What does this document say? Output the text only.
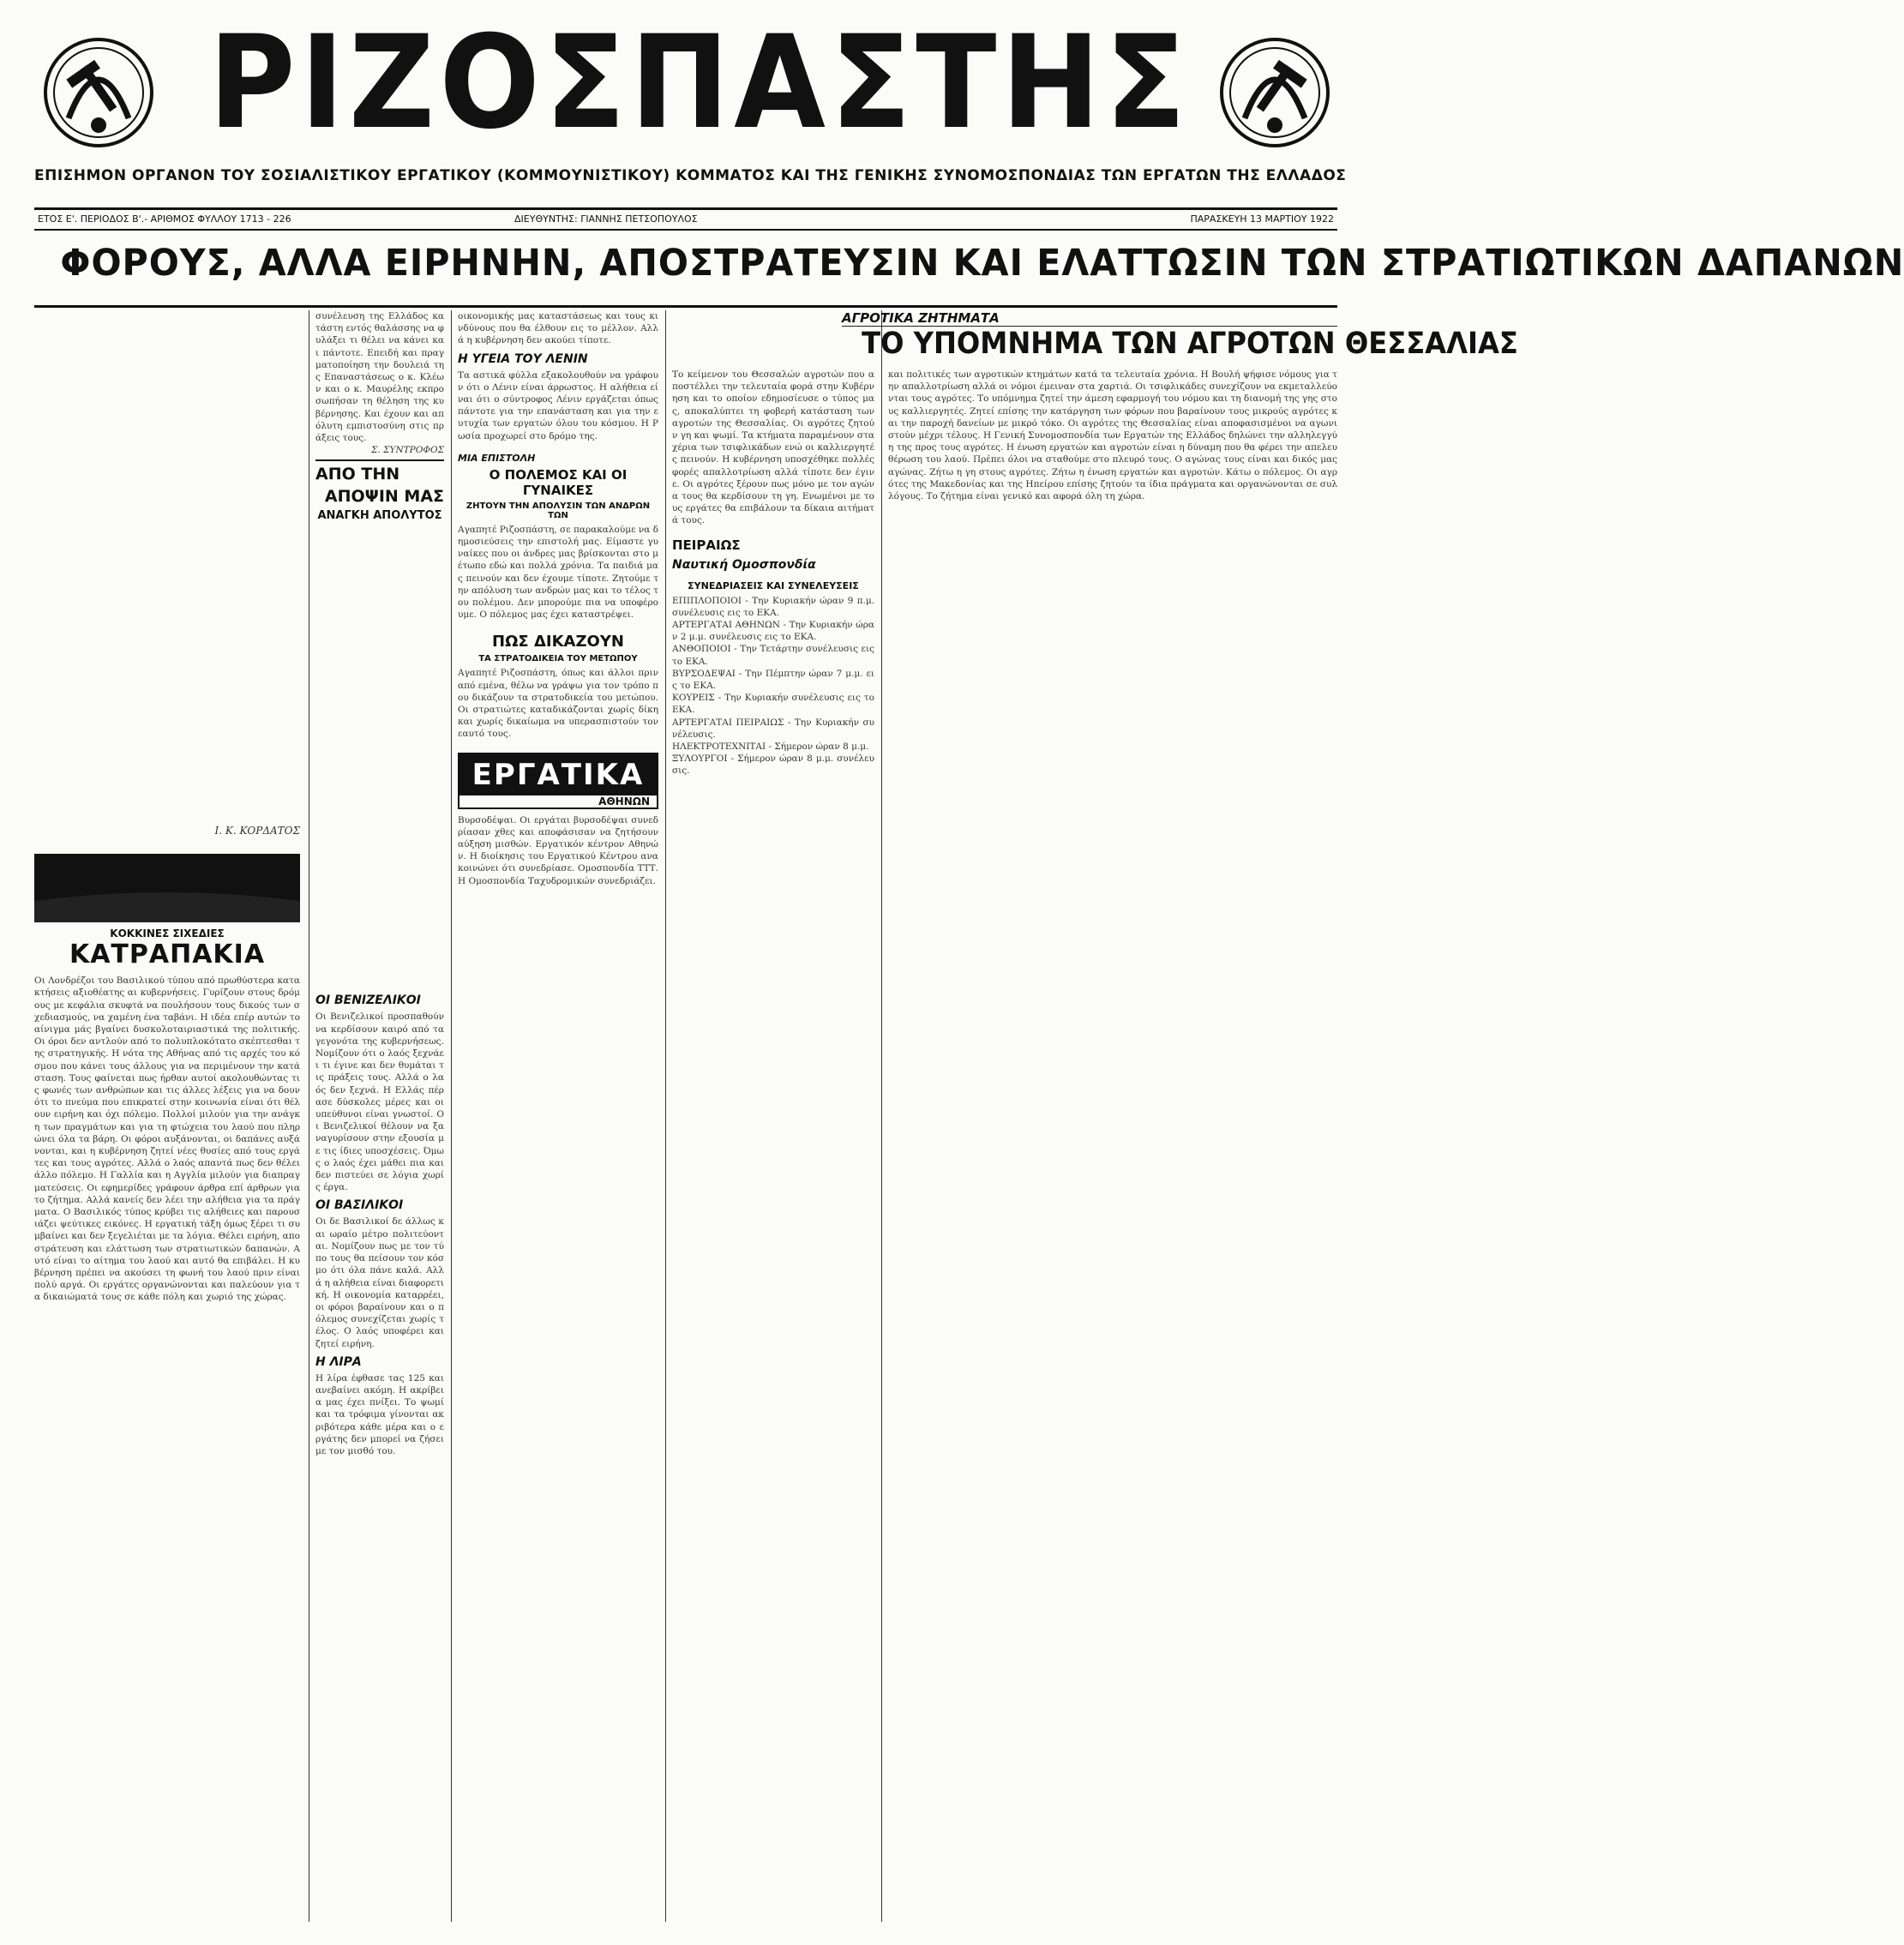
ΡΙΖΟΣΠΑΣΤΗΣ
ΕΠΙΣΗΜΟΝ ΟΡΓΑΝΟΝ ΤΟΥ ΣΟΣΙΑΛΙΣΤΙΚΟΥ ΕΡΓΑΤΙΚΟΥ (ΚΟΜΜΟΥΝΙΣΤΙΚΟΥ) ΚΟΜΜΑΤΟΣ ΚΑΙ ΤΗΣ ΓΕΝΙΚΗΣ ΣΥΝΟΜΟΣΠΟΝΔΙΑΣ ΤΩΝ ΕΡΓΑΤΩΝ ΤΗΣ ΕΛΛΑΔΟΣ
ΕΤΟΣ Ε'. ΠΕΡΙΟΔΟΣ Β'.- ΑΡΙΘΜΟΣ ΦΥΛΛΟΥ 1713 - 226	ΔΙΕΥΘΥΝΤΗΣ: ΓΙΑΝΝΗΣ ΠΕΤΣΟΠΟΥΛΟΣ	ΠΑΡΑΣΚΕΥΗ 13 ΜΑΡΤΙΟΥ 1922
ΦΟΡΟΥΣ, ΑΛΛΑ ΕΙΡΗΝΗΝ, ΑΠΟΣΤΡΑΤΕΥΣΙΝ ΚΑΙ ΕΛΑΤΤΩΣΙΝ ΤΩΝ ΣΤΡΑΤΙΩΤΙΚΩΝ ΔΑΠΑΝΩΝ
Ι. Κ. ΚΟΡΔΑΤΟΣ
ΚΟΚΚΙΝΕΣ ΣΙΧΕΔΙΕΣ
ΚΑΤΡΑΠΑΚΙΑ
Οι Λονδρέζοι του Βασιλικού τύπου από πρωθύστερα κατακτήσεις αξιοθέατης αι κυβερνήσεις. Γυρίζουν στους δρόμους με κεφάλια σκυφτά να πουλήσουν τους δικούς των σχεδιασμούς, να χαμένη ένα ταβάνι. Η ιδέα επέρ αυτών το αίνιγμα μάς βγαίνει δυσκολοταιριαστικά της πολιτικής. Οι όροι δεν αντλούν από το πολυπλοκότατο σκέπτεσθαι της στρατηγικής. Η νότα της Αθήνας από τις αρχές του κόσμου που κάνει τους άλλους για να περιμένουν την κατάσταση. Τους φαίνεται πως ήρθαν αυτοί ακολουθώντας τις φωνές των ανθρώπων και τις άλλες λέξεις για να δουν ότι το πνεύμα που επικρατεί στην κοινωνία είναι ότι θέλουν ειρήνη και όχι πόλεμο. Πολλοί μιλούν για την ανάγκη των πραγμάτων και για τη φτώχεια του λαού που πληρώνει όλα τα βάρη. Οι φόροι αυξάνονται, οι δαπάνες αυξάνονται, και η κυβέρνηση ζητεί νέες θυσίες από τους εργάτες και τους αγρότες. Αλλά ο λαός απαντά πως δεν θέλει άλλο πόλεμο. Η Γαλλία και η Αγγλία μιλούν για διαπραγματεύσεις. Οι εφημερίδες γράφουν άρθρα επί άρθρων για το ζήτημα. Αλλά κανείς δεν λέει την αλήθεια για τα πράγματα. Ο Βασιλικός τύπος κρύβει τις αλήθειες και παρουσιάζει ψεύτικες εικόνες. Η εργατική τάξη όμως ξέρει τι συμβαίνει και δεν ξεγελιέται με τα λόγια. Θέλει ειρήνη, αποστράτευση και ελάττωση των στρατιωτικών δαπανών. Αυτό είναι το αίτημα του λαού και αυτό θα επιβάλει. Η κυβέρνηση πρέπει να ακούσει τη φωνή του λαού πριν είναι πολύ αργά. Οι εργάτες οργανώνονται και παλεύουν για τα δικαιώματά τους σε κάθε πόλη και χωριό της χώρας.
συνέλευση της Ελλάδος κατάστη εντός θαλάσσης να φυλάξει τι θέλει να κάνει και πάντοτε. Επειδή και πραγματοποίηση την δουλειά της Επαναστάσεως ο κ. Κλέων και ο κ. Μαυρέλης εκπροσωπήσαν τη θέληση της κυβέρνησης. Και έχουν και απόλυτη εμπιστοσύνη στις πράξεις τους.
Σ. ΣΥΝΤΡΟΦΟΣ
ΑΠΟ ΤΗΝ
ΑΠΟΨΙΝ ΜΑΣ
ΑΝΑΓΚΗ ΑΠΟΛΥΤΟΣ
ΟΙ ΒΕΝΙΖΕΛΙΚΟΙ
Οι Βενιζελικοί προσπαθούν να κερδίσουν καιρό από τα γεγονότα της κυβερνήσεως. Νομίζουν ότι ο λαός ξεχνάει τι έγινε και δεν θυμάται τις πράξεις τους. Αλλά ο λαός δεν ξεχνά. Η Ελλάς πέρασε δύσκολες μέρες και οι υπεύθυνοι είναι γνωστοί. Οι Βενιζελικοί θέλουν να ξαναγυρίσουν στην εξουσία με τις ίδιες υποσχέσεις. Όμως ο λαός έχει μάθει πια και δεν πιστεύει σε λόγια χωρίς έργα.
ΟΙ ΒΑΣΙΛΙΚΟΙ
Οι δε Βασιλικοί δε άλλως και ωραίο μέτρο πολιτεύονται. Νομίζουν πως με τον τύπο τους θα πείσουν τον κόσμο ότι όλα πάνε καλά. Αλλά η αλήθεια είναι διαφορετική. Η οικονομία καταρρέει, οι φόροι βαραίνουν και ο πόλεμος συνεχίζεται χωρίς τέλος. Ο λαός υποφέρει και ζητεί ειρήνη.
Η ΛΙΡΑ
Η λίρα έφθασε τας 125 και ανεβαίνει ακόμη. Η ακρίβεια μας έχει πνίξει. Το ψωμί και τα τρόφιμα γίνονται ακριβότερα κάθε μέρα και ο εργάτης δεν μπορεί να ζήσει με τον μισθό του.
οικονομικής μας καταστάσεως και τους κινδύνους που θα έλθουν εις το μέλλον. Αλλά η κυβέρνηση δεν ακούει τίποτε.
Η ΥΓΕΙΑ ΤΟΥ ΛΕΝΙΝ
Τα αστικά φύλλα εξακολουθούν να γράφουν ότι ο Λένιν είναι άρρωστος. Η αλήθεια είναι ότι ο σύντροφος Λένιν εργάζεται όπως πάντοτε για την επανάσταση και για την ευτυχία των εργατών όλου του κόσμου. Η Ρωσία προχωρεί στο δρόμο της.
ΜΙΑ ΕΠΙΣΤΟΛΗ
Ο ΠΟΛΕΜΟΣ ΚΑΙ ΟΙ ΓΥΝΑΙΚΕΣ
ΖΗΤΟΥΝ ΤΗΝ ΑΠΟΛΥΣΙΝ ΤΩΝ ΑΝΔΡΩΝ ΤΩΝ
Αγαπητέ Ριζοσπάστη, σε παρακαλούμε να δημοσιεύσεις την επιστολή μας. Είμαστε γυναίκες που οι άνδρες μας βρίσκονται στο μέτωπο εδώ και πολλά χρόνια. Τα παιδιά μας πεινούν και δεν έχουμε τίποτε. Ζητούμε την απόλυση των ανδρών μας και το τέλος του πολέμου. Δεν μπορούμε πια να υποφέρουμε. Ο πόλεμος μας έχει καταστρέψει.
ΠΩΣ ΔΙΚΑΖΟΥΝ
ΤΑ ΣΤΡΑΤΟΔΙΚΕΙΑ ΤΟΥ ΜΕΤΩΠΟΥ
Αγαπητέ Ριζοσπάστη, όπως και άλλοι πριν από εμένα, θέλω να γράψω για τον τρόπο που δικάζουν τα στρατοδικεία του μετώπου. Οι στρατιώτες καταδικάζονται χωρίς δίκη και χωρίς δικαίωμα να υπερασπιστούν τον εαυτό τους.
ΕΡΓΑΤΙΚΑ
ΑΘΗΝΩΝ
Βυρσοδέψαι. Οι εργάται βυρσοδέψαι συνεδρίασαν χθες και αποφάσισαν να ζητήσουν αύξηση μισθών. Εργατικόν κέντρον Αθηνών. Η διοίκησις του Εργατικού Κέντρου ανακοινώνει ότι συνεδρίασε. Ομοσπονδία ΤΤΤ. Η Ομοσπονδία Ταχυδρομικών συνεδριάζει.
ΑΓΡΟΤΙΚΑ ΖΗΤΗΜΑΤΑ
ΤΟ ΥΠΟΜΝΗΜΑ ΤΩΝ ΑΓΡΟΤΩΝ ΘΕΣΣΑΛΙΑΣ
Το κείμενον του Θεσσαλών αγροτών που αποστέλλει την τελευταία φορά στην Κυβέρνηση και το οποίον εδημοσίευσε ο τύπος μας, αποκαλύπτει τη φοβερή κατάσταση των αγροτών της Θεσσαλίας. Οι αγρότες ζητούν γη και ψωμί. Τα κτήματα παραμένουν στα χέρια των τσιφλικάδων ενώ οι καλλιεργητές πεινούν. Η κυβέρνηση υποσχέθηκε πολλές φορές απαλλοτρίωση αλλά τίποτε δεν έγινε. Οι αγρότες ξέρουν πως μόνο με τον αγώνα τους θα κερδίσουν τη γη. Ενωμένοι με τους εργάτες θα επιβάλουν τα δίκαια αιτήματά τους.
ΠΕΙΡΑΙΩΣ
Ναυτική Ομοσπονδία
ΣΥΝΕΔΡΙΑΣΕΙΣ ΚΑΙ ΣΥΝΕΛΕΥΣΕΙΣ
ΕΠΙΠΛΟΠΟΙΟΙ - Την Κυριακήν ώραν 9 π.μ. συνέλευσις εις το ΕΚΑ.
ΑΡΤΕΡΓΑΤΑΙ ΑΘΗΝΩΝ - Την Κυριακήν ώραν 2 μ.μ. συνέλευσις εις το ΕΚΑ.
ΑΝΘΟΠΟΙΟΙ - Την Τετάρτην συνέλευσις εις το ΕΚΑ.
ΒΥΡΣΟΔΕΨΑΙ - Την Πέμπτην ώραν 7 μ.μ. εις το ΕΚΑ.
ΚΟΥΡΕΙΣ - Την Κυριακήν συνέλευσις εις το ΕΚΑ.
ΑΡΤΕΡΓΑΤΑΙ ΠΕΙΡΑΙΩΣ - Την Κυριακήν συνέλευσις.
ΗΛΕΚΤΡΟΤΕΧΝΙΤΑΙ - Σήμερον ώραν 8 μ.μ.
ΞΥΛΟΥΡΓΟΙ - Σήμερον ώραν 8 μ.μ. συνέλευσις.
και πολιτικές των αγροτικών κτημάτων κατά τα τελευταία χρόνια. Η Βουλή ψήφισε νόμους για την απαλλοτρίωση αλλά οι νόμοι έμειναν στα χαρτιά. Οι τσιφλικάδες συνεχίζουν να εκμεταλλεύονται τους αγρότες. Το υπόμνημα ζητεί την άμεση εφαρμογή του νόμου και τη διανομή της γης στους καλλιεργητές. Ζητεί επίσης την κατάργηση των φόρων που βαραίνουν τους μικρούς αγρότες και την παροχή δανείων με μικρό τόκο. Οι αγρότες της Θεσσαλίας είναι αποφασισμένοι να αγωνιστούν μέχρι τέλους. Η Γενική Συνομοσπονδία των Εργατών της Ελλάδος δηλώνει την αλληλεγγύη της προς τους αγρότες. Η ένωση εργατών και αγροτών είναι η δύναμη που θα φέρει την απελευθέρωση του λαού. Πρέπει όλοι να σταθούμε στο πλευρό τους. Ο αγώνας τους είναι και δικός μας αγώνας. Ζήτω η γη στους αγρότες. Ζήτω η ένωση εργατών και αγροτών. Κάτω ο πόλεμος. Οι αγρότες της Μακεδονίας και της Ηπείρου επίσης ζητούν τα ίδια πράγματα και οργανώνονται σε συλλόγους. Το ζήτημα είναι γενικό και αφορά όλη τη χώρα.
